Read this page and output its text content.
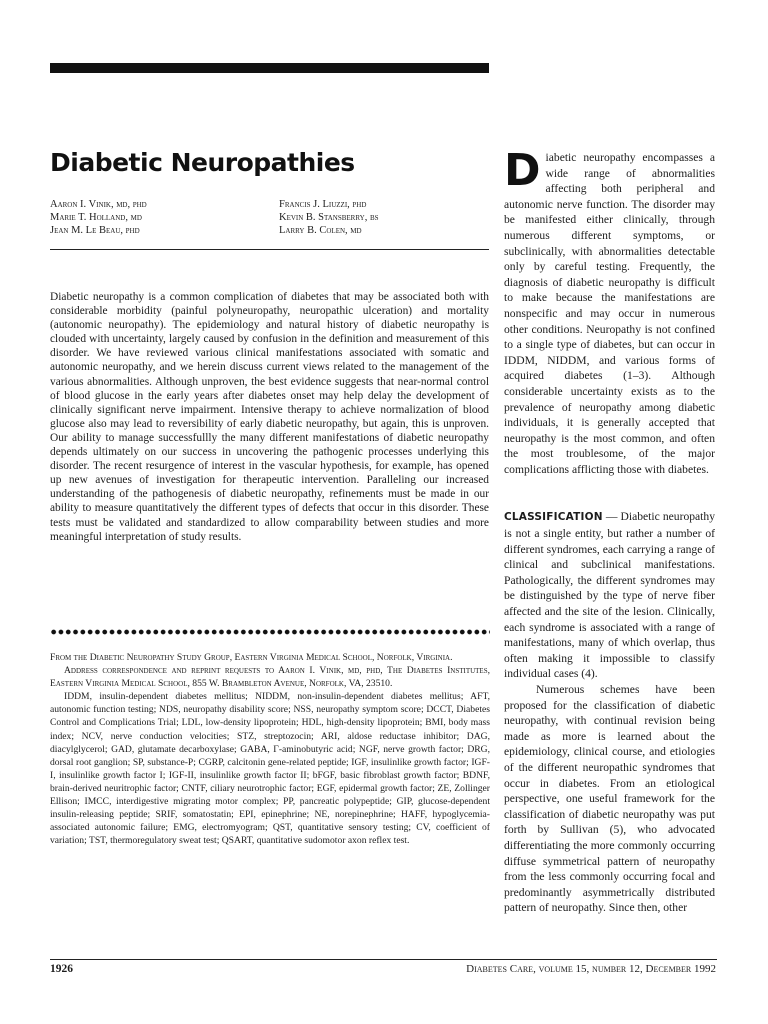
Diabetic Neuropathies
Aaron I. Vinik, md, phd
Marie T. Holland, md
Jean M. Le Beau, phd
Francis J. Liuzzi, phd
Kevin B. Stansberry, bs
Larry B. Colen, md

Diabetic neuropathy is a common complication of diabetes that may be associated both with considerable morbidity (painful polyneuropathy, neuropathic ulceration) and mortality (autonomic neuropathy). The epidemiology and natural history of diabetic neuropathy is clouded with uncertainty, largely caused by confusion in the definition and measurement of this disorder. We have reviewed various clinical manifestations associated with somatic and autonomic neuropathy, and we herein discuss current views related to the management of the various abnormalities. Although unproven, the best evidence suggests that near-normal control of blood glucose in the early years after diabetes onset may help delay the development of clinically significant nerve impairment. Intensive therapy to achieve normalization of blood glucose also may lead to reversibility of early diabetic neuropathy, but again, this is unproven. Our ability to manage successfullly the many different manifestations of diabetic neuropathy depends ultimately on our success in uncovering the pathogenic processes underlying this disorder. The recent resurgence of interest in the vascular hypothesis, for example, has opened up new avenues of investigation for therapeutic intervention. Paralleling our increased understanding of the pathogenesis of diabetic neuropathy, refinements must be made in our ability to measure quantitatively the different types of defects that occur in this disorder. These tests must be validated and standardized to allow comparability between studies and more meaningful interpretation of study results.

From the Diabetic Neuropathy Study Group, Eastern Virginia Medical School, Norfolk, Virginia.

Address correspondence and reprint requests to Aaron I. Vinik, md, phd, The Diabetes Institutes, Eastern Virginia Medical School, 855 W. Brambleton Avenue, Norfolk, VA, 23510.

IDDM, insulin-dependent diabetes mellitus; NIDDM, non-insulin-dependent diabetes mellitus; AFT, autonomic function testing; NDS, neuropathy disability score; NSS, neuropathy symptom score; DCCT, Diabetes Control and Complications Trial; LDL, low-density lipoprotein; HDL, high-density lipoprotein; BMI, body mass index; NCV, nerve conduction velocities; STZ, streptozocin; ARI, aldose reductase inhibitor; DAG, diacylglycerol; GAD, glutamate decarboxylase; GABA, Γ-aminobutyric acid; NGF, nerve growth factor; DRG, dorsal root ganglion; SP, substance-P; CGRP, calcitonin gene-related peptide; IGF, insulinlike growth factor; IGF-I, insulinlike growth factor I; IGF-II, insulinlike growth factor II; bFGF, basic fibroblast growth factor; BDNF, brain-derived neuritrophic factor; CNTF, ciliary neurotrophic factor; EGF, epidermal growth factor; ZE, Zollinger Ellison; IMCC, interdigestive migrating motor complex; PP, pancreatic polypeptide; GIP, glucose-dependent insulin-releasing peptide; SRIF, somatostatin; EPI, epinephrine; NE, norepinephrine; HAFF, hypoglycemia-associated autonomic failure; EMG, electromyogram; QST, quantitative sensory testing; CV, coefficient of variation; TST, thermoregulatory sweat test; QSART, quantitative sudomotor axon reflex test.

Diabetic neuropathy encompasses a wide range of abnormalities affecting both peripheral and autonomic nerve function. The disorder may be manifested either clinically, through numerous different symptoms, or subclinically, with abnormalities detectable only by careful testing. Frequently, the diagnosis of diabetic neuropathy is difficult to make because the manifestations are nonspecific and may occur in numerous other conditions. Neuropathy is not confined to a single type of diabetes, but can occur in IDDM, NIDDM, and various forms of acquired diabetes (1–3). Although considerable uncertainty exists as to the prevalence of neuropathy among diabetic individuals, it is generally accepted that neuropathy is the most common, and often the most troublesome, of the major complications afflicting those with diabetes.

CLASSIFICATION — Diabetic neuropathy is not a single entity, but rather a number of different syndromes, each carrying a range of clinical and subclinical manifestations. Pathologically, the different syndromes may be distinguished by the type of nerve fiber affected and the site of the lesion. Clinically, each syndrome is associated with a range of manifestations, many of which overlap, thus often making it impossible to classify individual cases (4).

Numerous schemes have been proposed for the classification of diabetic neuropathy, with continual revision being made as more is learned about the epidemiology, clinical course, and etiologies of the different neuropathic syndromes that occur in diabetes. From an etiological perspective, one useful framework for the classification of diabetic neuropathy was put forth by Sullivan (5), who advocated differentiating the more commonly occurring diffuse symmetrical pattern of neuropathy from the less commonly occurring focal and predominantly asymmetrically distributed pattern of neuropathy. Since then, other

1926	Diabetes Care, volume 15, number 12, December 1992
